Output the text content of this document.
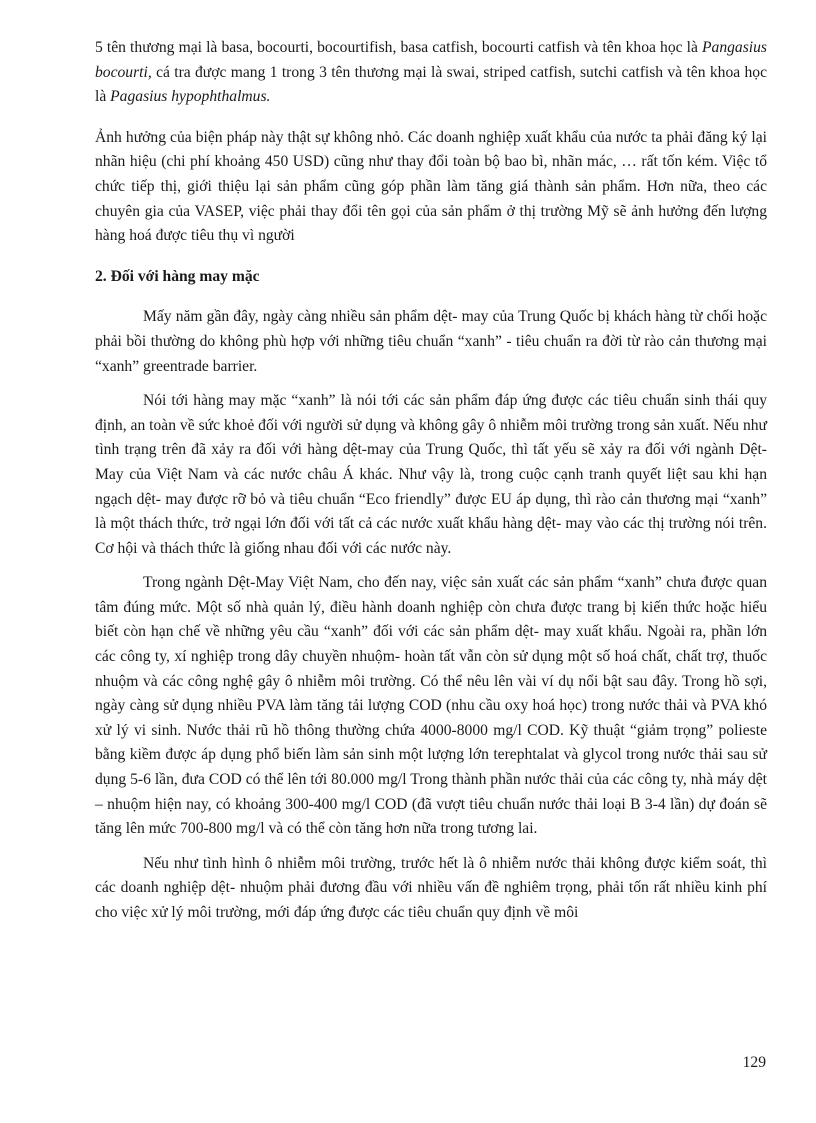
5 tên thương mại là basa, bocourti, bocourtifish, basa catfish, bocourti catfish và tên khoa học là Pangasius bocourti, cá tra được mang 1 trong 3 tên thương mại là swai, striped catfish, sutchi catfish và tên khoa học là Pagasius hypophthalmus.

Ảnh hưởng của biện pháp này thật sự không nhỏ. Các doanh nghiệp xuất khẩu của nước ta phải đăng ký lại nhãn hiệu (chi phí khoảng 450 USD) cũng như thay đổi toàn bộ bao bì, nhãn mác, … rất tốn kém. Việc tổ chức tiếp thị, giới thiệu lại sản phẩm cũng góp phần làm tăng giá thành sản phẩm. Hơn nữa, theo các chuyên gia của VASEP, việc phải thay đổi tên gọi của sản phẩm ở thị trường Mỹ sẽ ảnh hưởng đến lượng hàng hoá được tiêu thụ vì người

2. Đối với hàng may mặc

Mấy năm gần đây, ngày càng nhiều sản phẩm dệt- may của Trung Quốc bị khách hàng từ chối hoặc phải bồi thường do không phù hợp với những tiêu chuẩn “xanh” - tiêu chuẩn ra đời từ rào cản thương mại “xanh” greentrade barrier.

Nói tới hàng may mặc “xanh” là nói tới các sản phẩm đáp ứng được các tiêu chuẩn sinh thái quy định, an toàn về sức khoẻ đối với người sử dụng và không gây ô nhiễm môi trường trong sản xuất. Nếu như tình trạng trên đã xảy ra đối với hàng dệt-may của Trung Quốc, thì tất yếu sẽ xảy ra đối với ngành Dệt- May của Việt Nam và các nước châu Á khác. Như vậy là, trong cuộc cạnh tranh quyết liệt sau khi hạn ngạch dệt- may được rỡ bỏ và tiêu chuẩn “Eco friendly” được EU áp dụng, thì rào cản thương mại “xanh” là một thách thức, trở ngại lớn đối với tất cả các nước xuất khẩu hàng dệt- may vào các thị trường nói trên. Cơ hội và thách thức là giống nhau đối với các nước này.

Trong ngành Dệt-May Việt Nam, cho đến nay, việc sản xuất các sản phẩm “xanh” chưa được quan tâm đúng mức. Một số nhà quản lý, điều hành doanh nghiệp còn chưa được trang bị kiến thức hoặc hiểu biết còn hạn chế về những yêu cầu “xanh” đối với các sản phẩm dệt- may xuất khẩu. Ngoài ra, phần lớn các công ty, xí nghiệp trong dây chuyền nhuộm- hoàn tất vẫn còn sử dụng một số hoá chất, chất trợ, thuốc nhuộm và các công nghệ gây ô nhiễm môi trường. Có thể nêu lên vài ví dụ nổi bật sau đây. Trong hồ sợi, ngày càng sử dụng nhiều PVA làm tăng tải lượng COD (nhu cầu oxy hoá học) trong nước thải và PVA khó xử lý vi sinh. Nước thải rũ hồ thông thường chứa 4000-8000 mg/l COD. Kỹ thuật “giảm trọng” polieste bằng kiềm được áp dụng phổ biến làm sản sinh một lượng lớn terephtalat và glycol trong nước thải sau sử dụng 5-6 lần, đưa COD có thể lên tới 80.000 mg/l Trong thành phần nước thải của các công ty, nhà máy dệt – nhuộm hiện nay, có khoảng 300-400 mg/l COD (đã vượt tiêu chuẩn nước thải loại B 3-4 lần) dự đoán sẽ tăng lên mức 700-800 mg/l và có thể còn tăng hơn nữa trong tương lai.

Nếu như tình hình ô nhiễm môi trường, trước hết là ô nhiễm nước thải không được kiểm soát, thì các doanh nghiệp dệt- nhuộm phải đương đầu với nhiều vấn đề nghiêm trọng, phải tốn rất nhiều kinh phí cho việc xử lý môi trường, mới đáp ứng được các tiêu chuẩn quy định về môi

129
